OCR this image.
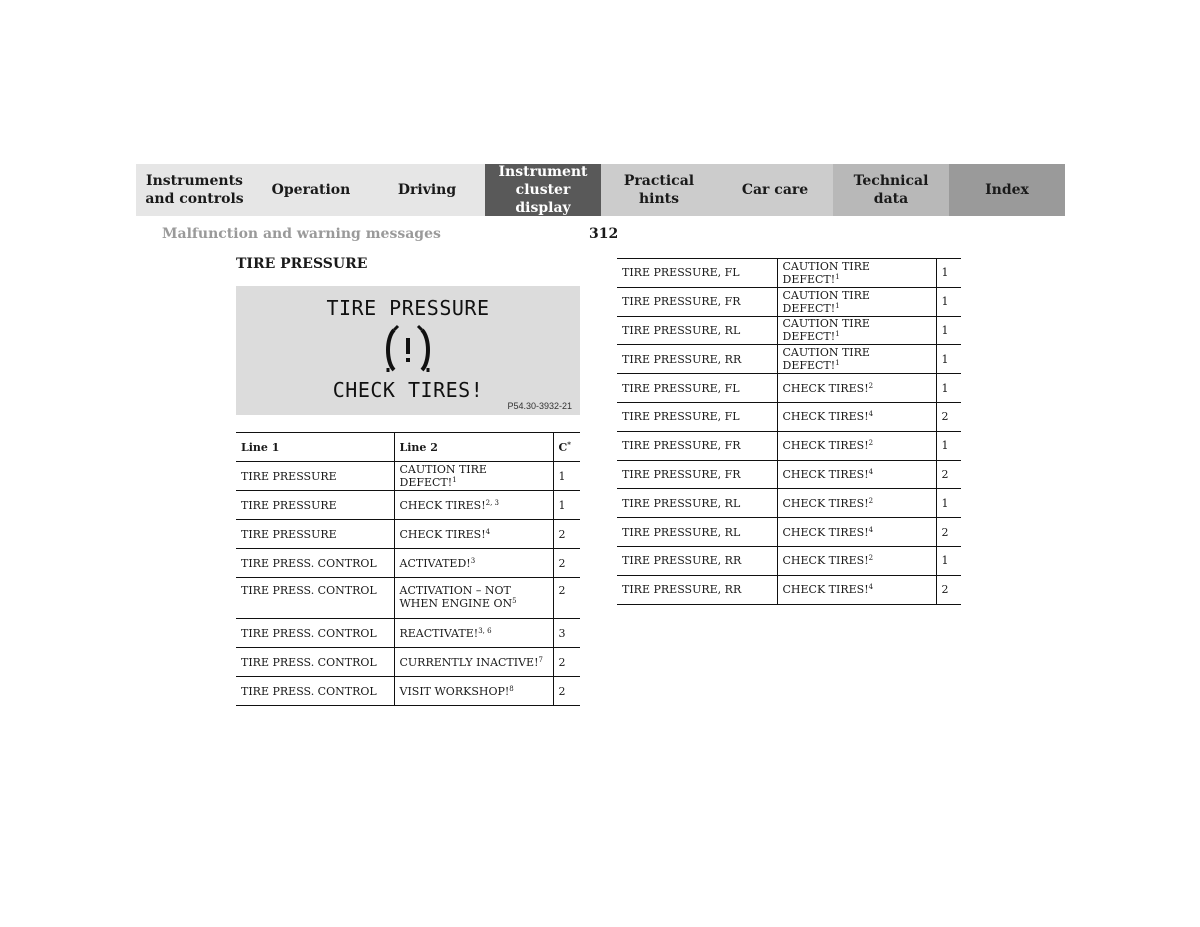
Instruments
and controls
Operation	Driving
Instrument
cluster display
Practical hints
Car care
Technical
data
Index
Malfunction and warning messages	312
TIRE PRESSURE
TIRE PRESSURE
CHECK TIRES!
P54.30-3932-21
Line 1	Line 2	C*
TIRE PRESSURE	CAUTION TIRE DEFECT!$^1$	1
TIRE PRESSURE	CHECK TIRES!$^{2, 3}$	1
TIRE PRESSURE	CHECK TIRES!$^4$	2
TIRE PRESS. CONTROL	ACTIVATED!$^3$	2
TIRE PRESS. CONTROL	ACTIVATION – NOT WHEN ENGINE $ON^5$	2
TIRE PRESS. CONTROL	REACTIVATE!$^{3, 6}$	3
TIRE PRESS. CONTROL	CURRENTLY INACTIVE!$^7$	2
TIRE PRESS. CONTROL	VISIT WORKSHOP!$^8$	2
TIRE PRESSURE, FL	CAUTION TIRE DEFECT!$^1$	1
TIRE PRESSURE, FR	CAUTION TIRE DEFECT!$^1$	1
TIRE PRESSURE, RL	CAUTION TIRE DEFECT!$^1$	1
TIRE PRESSURE, RR	CAUTION TIRE DEFECT!$^1$	1
TIRE PRESSURE, FL	CHECK TIRES!$^2$	1
TIRE PRESSURE, FL	CHECK TIRES!$^4$	2
TIRE PRESSURE, FR	CHECK TIRES!$^2$	1
TIRE PRESSURE, FR	CHECK TIRES!$^4$	2
TIRE PRESSURE, RL	CHECK TIRES!$^2$	1
TIRE PRESSURE, RL	CHECK TIRES!$^4$	2
TIRE PRESSURE, RR	CHECK TIRES!$^2$	1
TIRE PRESSURE, RR	CHECK TIRES!$^4$	2
